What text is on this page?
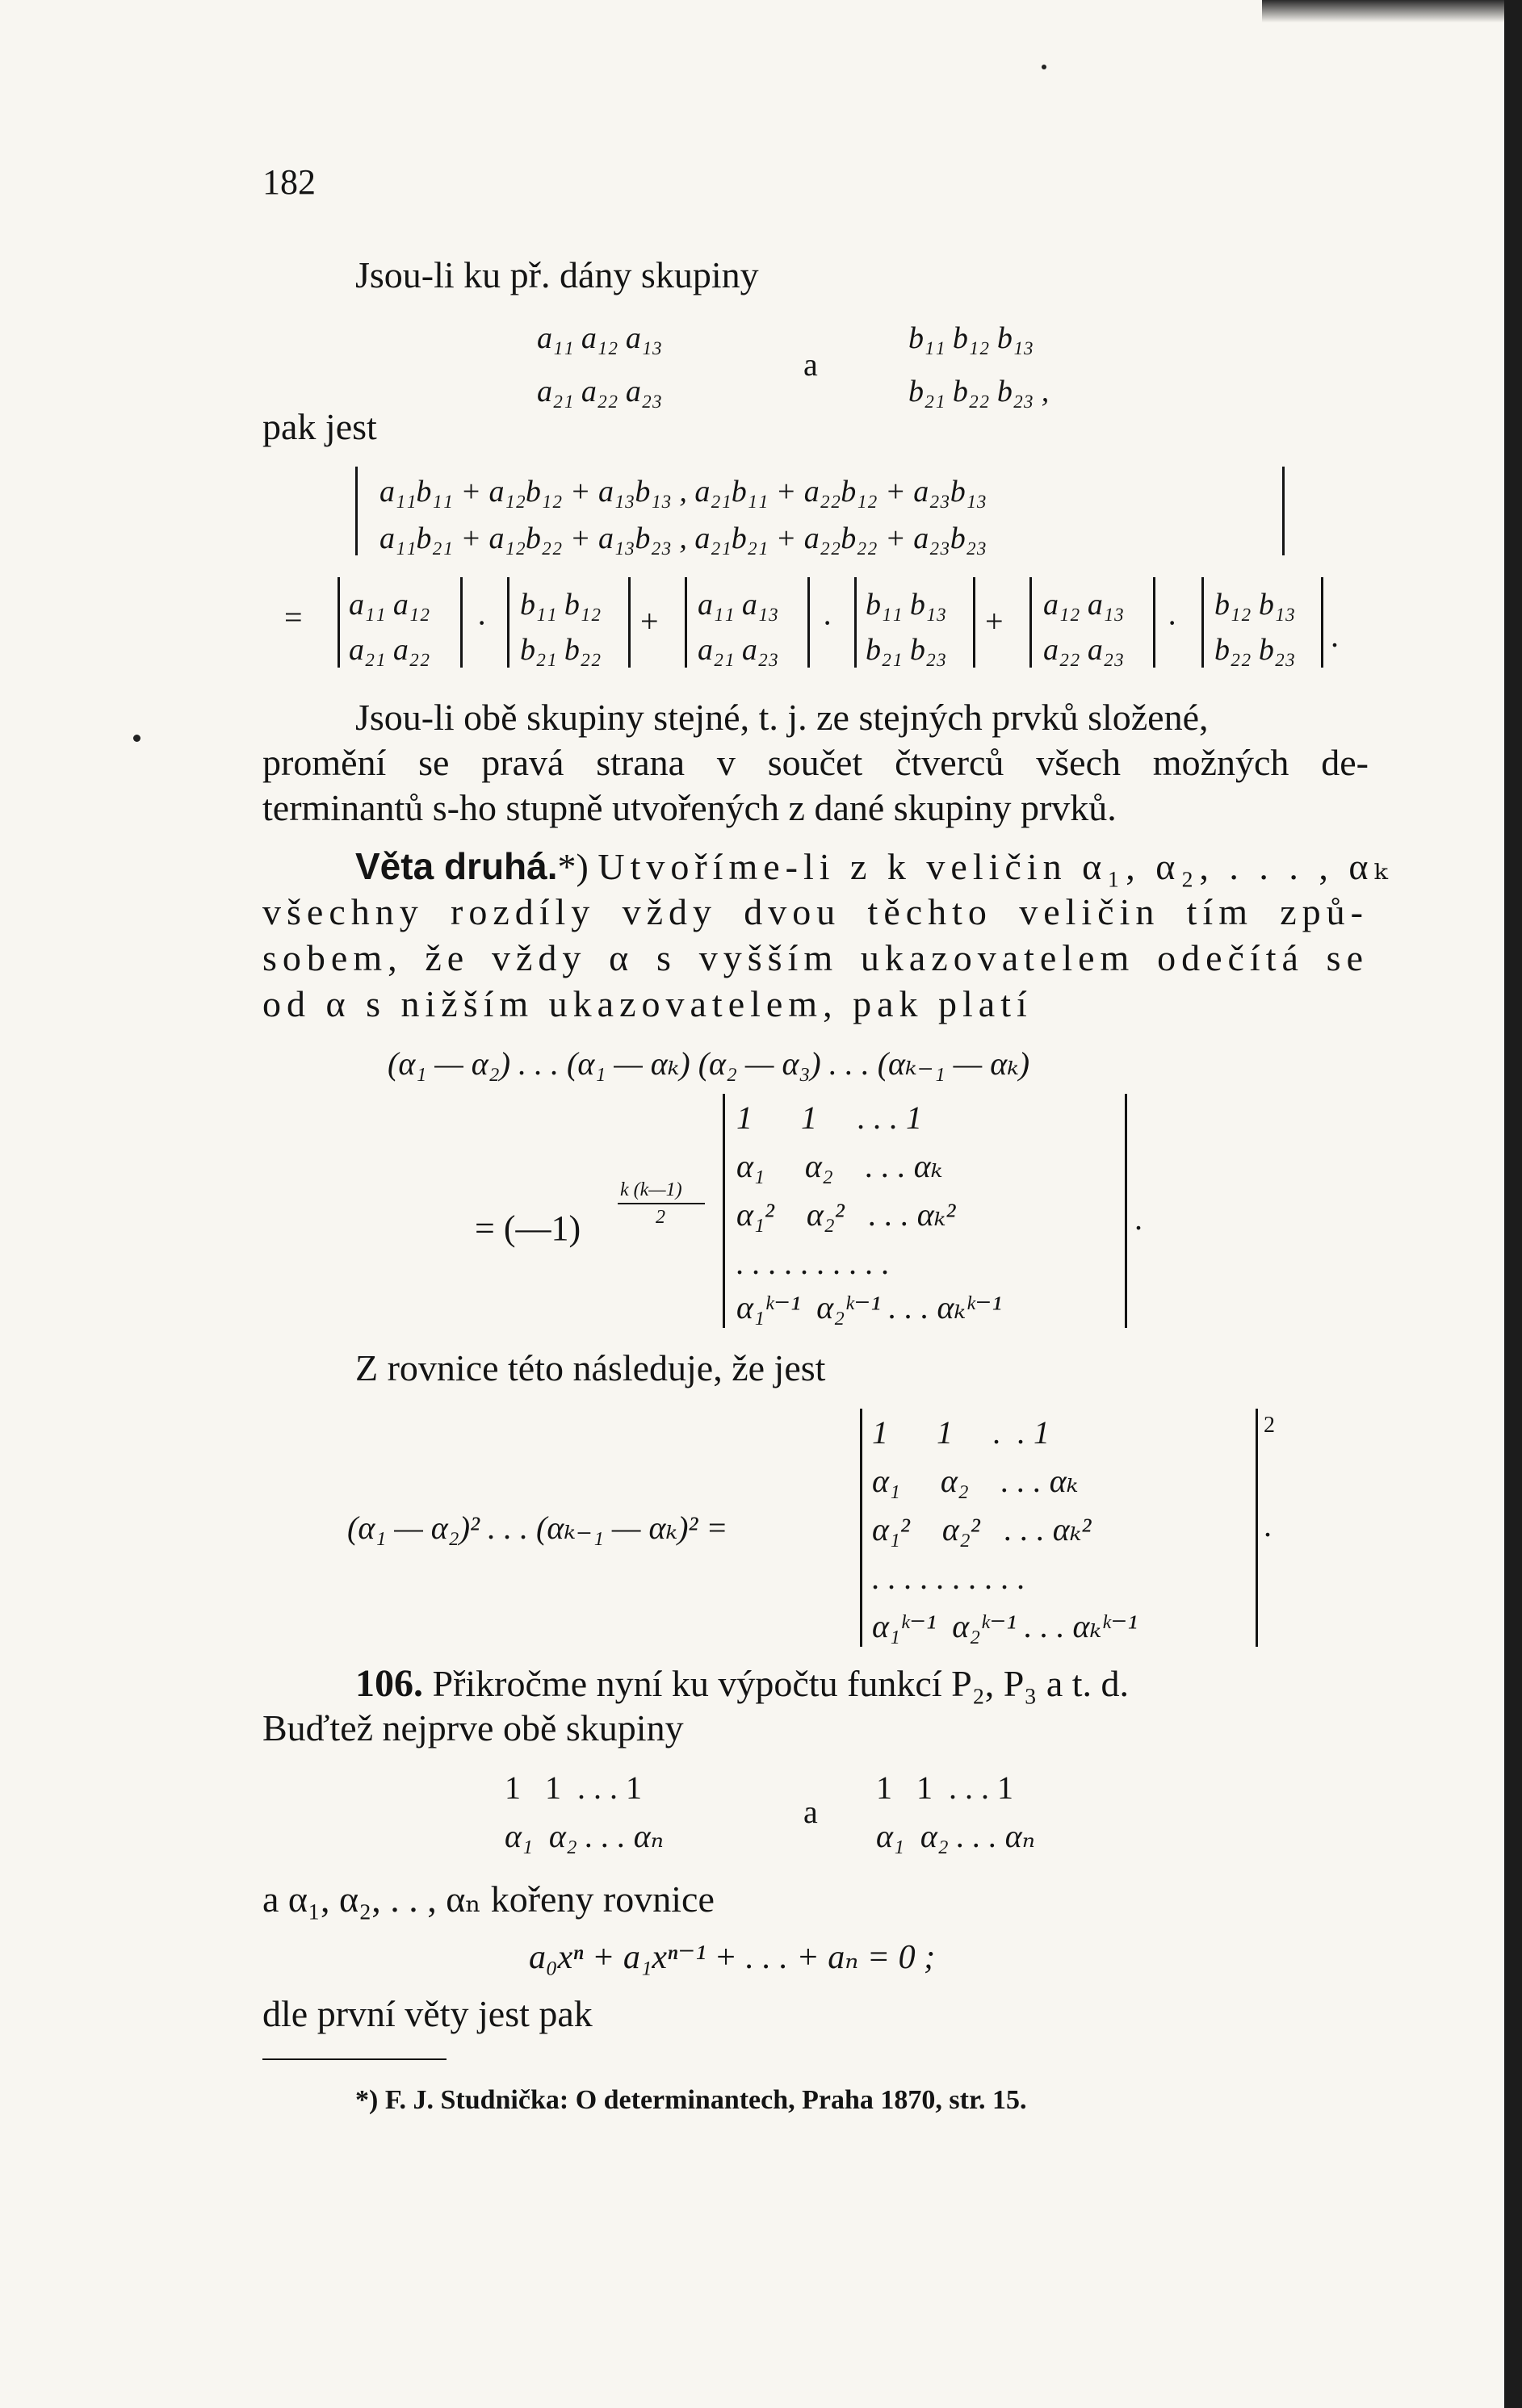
182
Jsou-li ku př. dány skupiny
a₁₁ a₁₂ a₁₃
a₂₁ a₂₂ a₂₃
a
b₁₁ b₁₂ b₁₃
b₂₁ b₂₂ b₂₃ ,
pak jest
a₁₁b₁₁ + a₁₂b₁₂ + a₁₃b₁₃ , a₂₁b₁₁ + a₂₂b₁₂ + a₂₃b₁₃
a₁₁b₂₁ + a₁₂b₂₂ + a₁₃b₂₃ , a₂₁b₂₁ + a₂₂b₂₂ + a₂₃b₂₃
= a₁₁ a₁₂
a₂₁ a₂₂
· b₁₁ b₁₂
b₂₁ b₂₂
+ a₁₁ a₁₃
a₂₁ a₂₃
· b₁₁ b₁₃
b₂₁ b₂₃
+ a₁₂ a₁₃
a₂₂ a₂₃
· b₁₂ b₁₃
b₂₂ b₂₃ .
Jsou-li obě skupiny stejné, t. j. ze stejných prvků složené,
promění se pravá strana v součet čtverců všech možných de-
terminantů s-ho stupně utvořených z dané skupiny prvků.
Věta druhá.*) Utvoříme-li z k veličin α₁, α₂, . . . , αₖ
všechny rozdíly vždy dvou těchto veličin tím způ-
sobem, že vždy α s vyšším ukazovatelem odečítá se
od α s nižším ukazovatelem, pak platí
(α₁ — α₂) . . . (α₁ — αₖ) (α₂ — α₃) . . . (αₖ₋₁ — αₖ)
k (k—1)
2
= (—1)
1      1     . . . 1
α₁     α₂    . . . αₖ
α₁²    α₂²   . . . αₖ²
. . . . . . . . . .
α₁ᵏ⁻¹  α₂ᵏ⁻¹ . . . αₖᵏ⁻¹
.
Z rovnice této následuje, že jest
(α₁ — α₂)² . . . (αₖ₋₁ — αₖ)² =
1      1     .  . 1
α₁     α₂    . . . αₖ
α₁²    α₂²   . . . αₖ²
. . . . . . . . . .
α₁ᵏ⁻¹  α₂ᵏ⁻¹ . . . αₖᵏ⁻¹
2
.
106. Přikročme nyní ku výpočtu funkcí P₂, P₃ a t. d.
Buďtež nejprve obě skupiny
1   1  . . . 1
α₁  α₂ . . . αₙ
a
1   1  . . . 1
α₁  α₂ . . . αₙ
a α₁, α₂, . . , αₙ kořeny rovnice
a₀xⁿ + a₁xⁿ⁻¹ + . . . + aₙ = 0 ;
dle první věty jest pak
*) F. J. Studnička: O determinantech, Praha 1870, str. 15.
